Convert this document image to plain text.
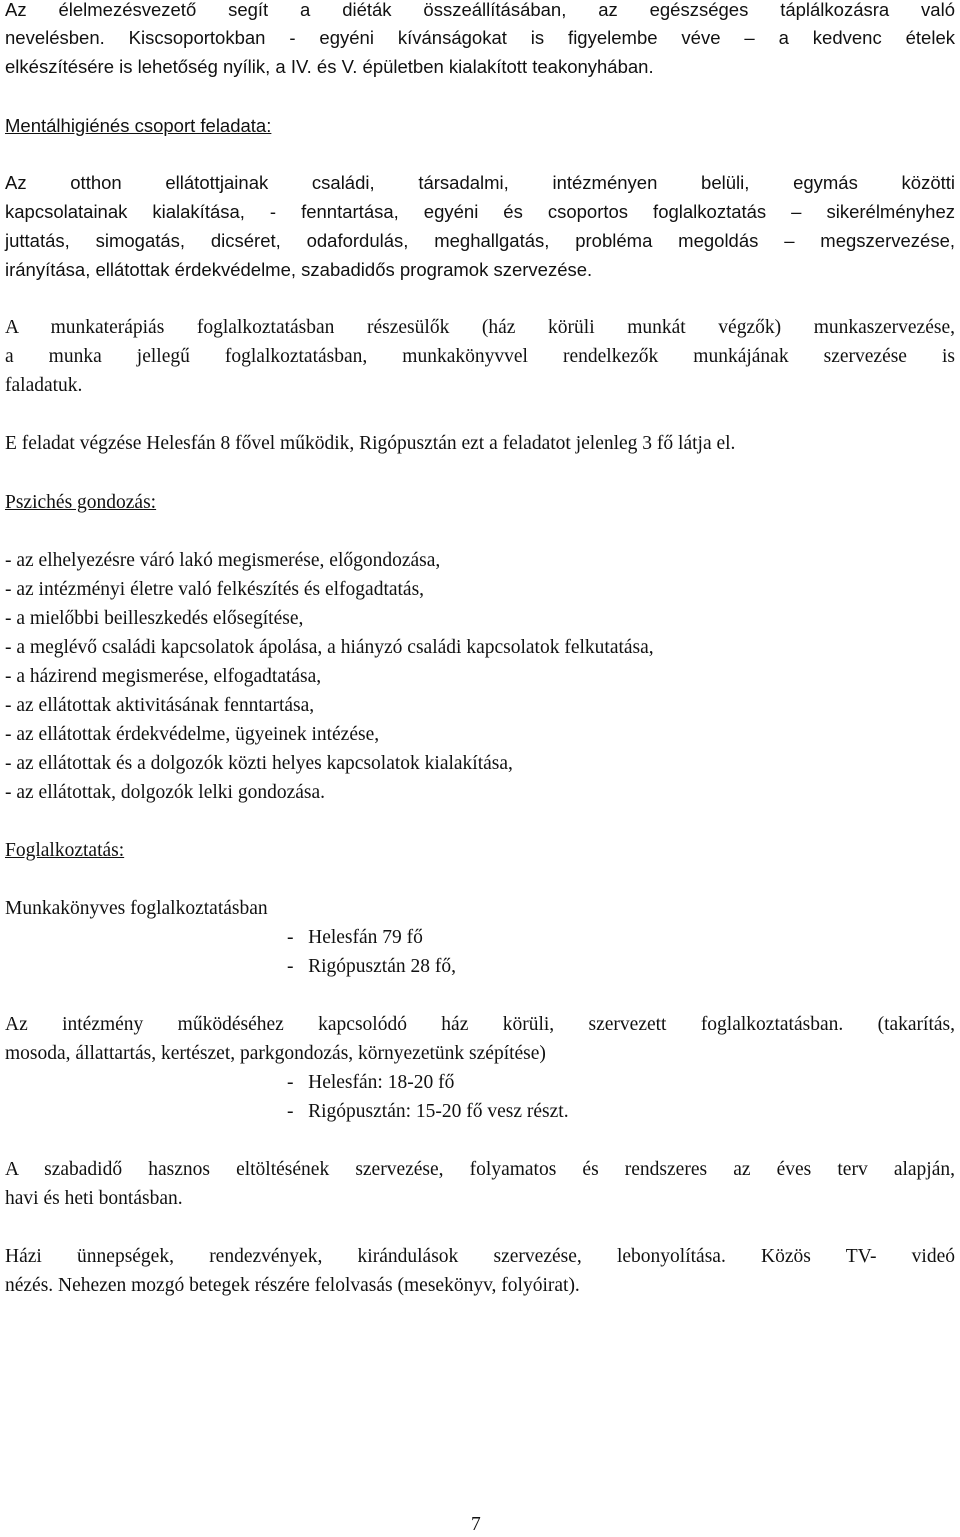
Az élelmezésvezető segít a diéták összeállításában, az egészséges táplálkozásra való
nevelésben. Kiscsoportokban - egyéni kívánságokat is figyelembe véve – a kedvenc ételek
elkészítésére is lehetőség nyílik, a IV. és V. épületben kialakított teakonyhában.
Mentálhigiénés csoport feladata:
Az otthon ellátottjainak családi, társadalmi, intézményen belüli, egymás közötti
kapcsolatainak kialakítása, - fenntartása, egyéni és csoportos foglalkoztatás – sikerélményhez
juttatás, simogatás, dicséret, odafordulás, meghallgatás, probléma megoldás – megszervezése,
irányítása, ellátottak érdekvédelme, szabadidős programok szervezése.
A munkaterápiás foglalkoztatásban részesülők (ház körüli munkát végzők) munkaszervezése,
a munka jellegű foglalkoztatásban, munkakönyvvel rendelkezők munkájának szervezése is
faladatuk.
E feladat végzése Helesfán 8 fővel működik, Rigópusztán ezt a feladatot jelenleg 3 fő látja el.
Pszichés gondozás:
- az elhelyezésre váró lakó megismerése, előgondozása,
- az intézményi életre való felkészítés és elfogadtatás,
- a mielőbbi beilleszkedés elősegítése,
- a meglévő családi kapcsolatok ápolása, a hiányzó családi kapcsolatok felkutatása,
- a házirend megismerése, elfogadtatása,
- az ellátottak aktivitásának fenntartása,
- az ellátottak érdekvédelme, ügyeinek intézése,
- az ellátottak és a dolgozók közti helyes kapcsolatok kialakítása,
- az ellátottak, dolgozók lelki gondozása.
Foglalkoztatás:
Munkakönyves foglalkoztatásban
-   Helesfán 79 fő
-   Rigópusztán 28 fő,
Az intézmény működéséhez kapcsolódó ház körüli, szervezett foglalkoztatásban. (takarítás,
mosoda, állattartás, kertészet, parkgondozás, környezetünk szépítése)
-   Helesfán: 18-20 fő
-   Rigópusztán: 15-20 fő vesz részt.
A szabadidő hasznos eltöltésének szervezése, folyamatos és rendszeres az éves terv alapján,
havi és heti bontásban.
Házi ünnepségek, rendezvények, kirándulások szervezése, lebonyolítása. Közös TV- videó
nézés. Nehezen mozgó betegek részére felolvasás (mesekönyv, folyóirat).
7
